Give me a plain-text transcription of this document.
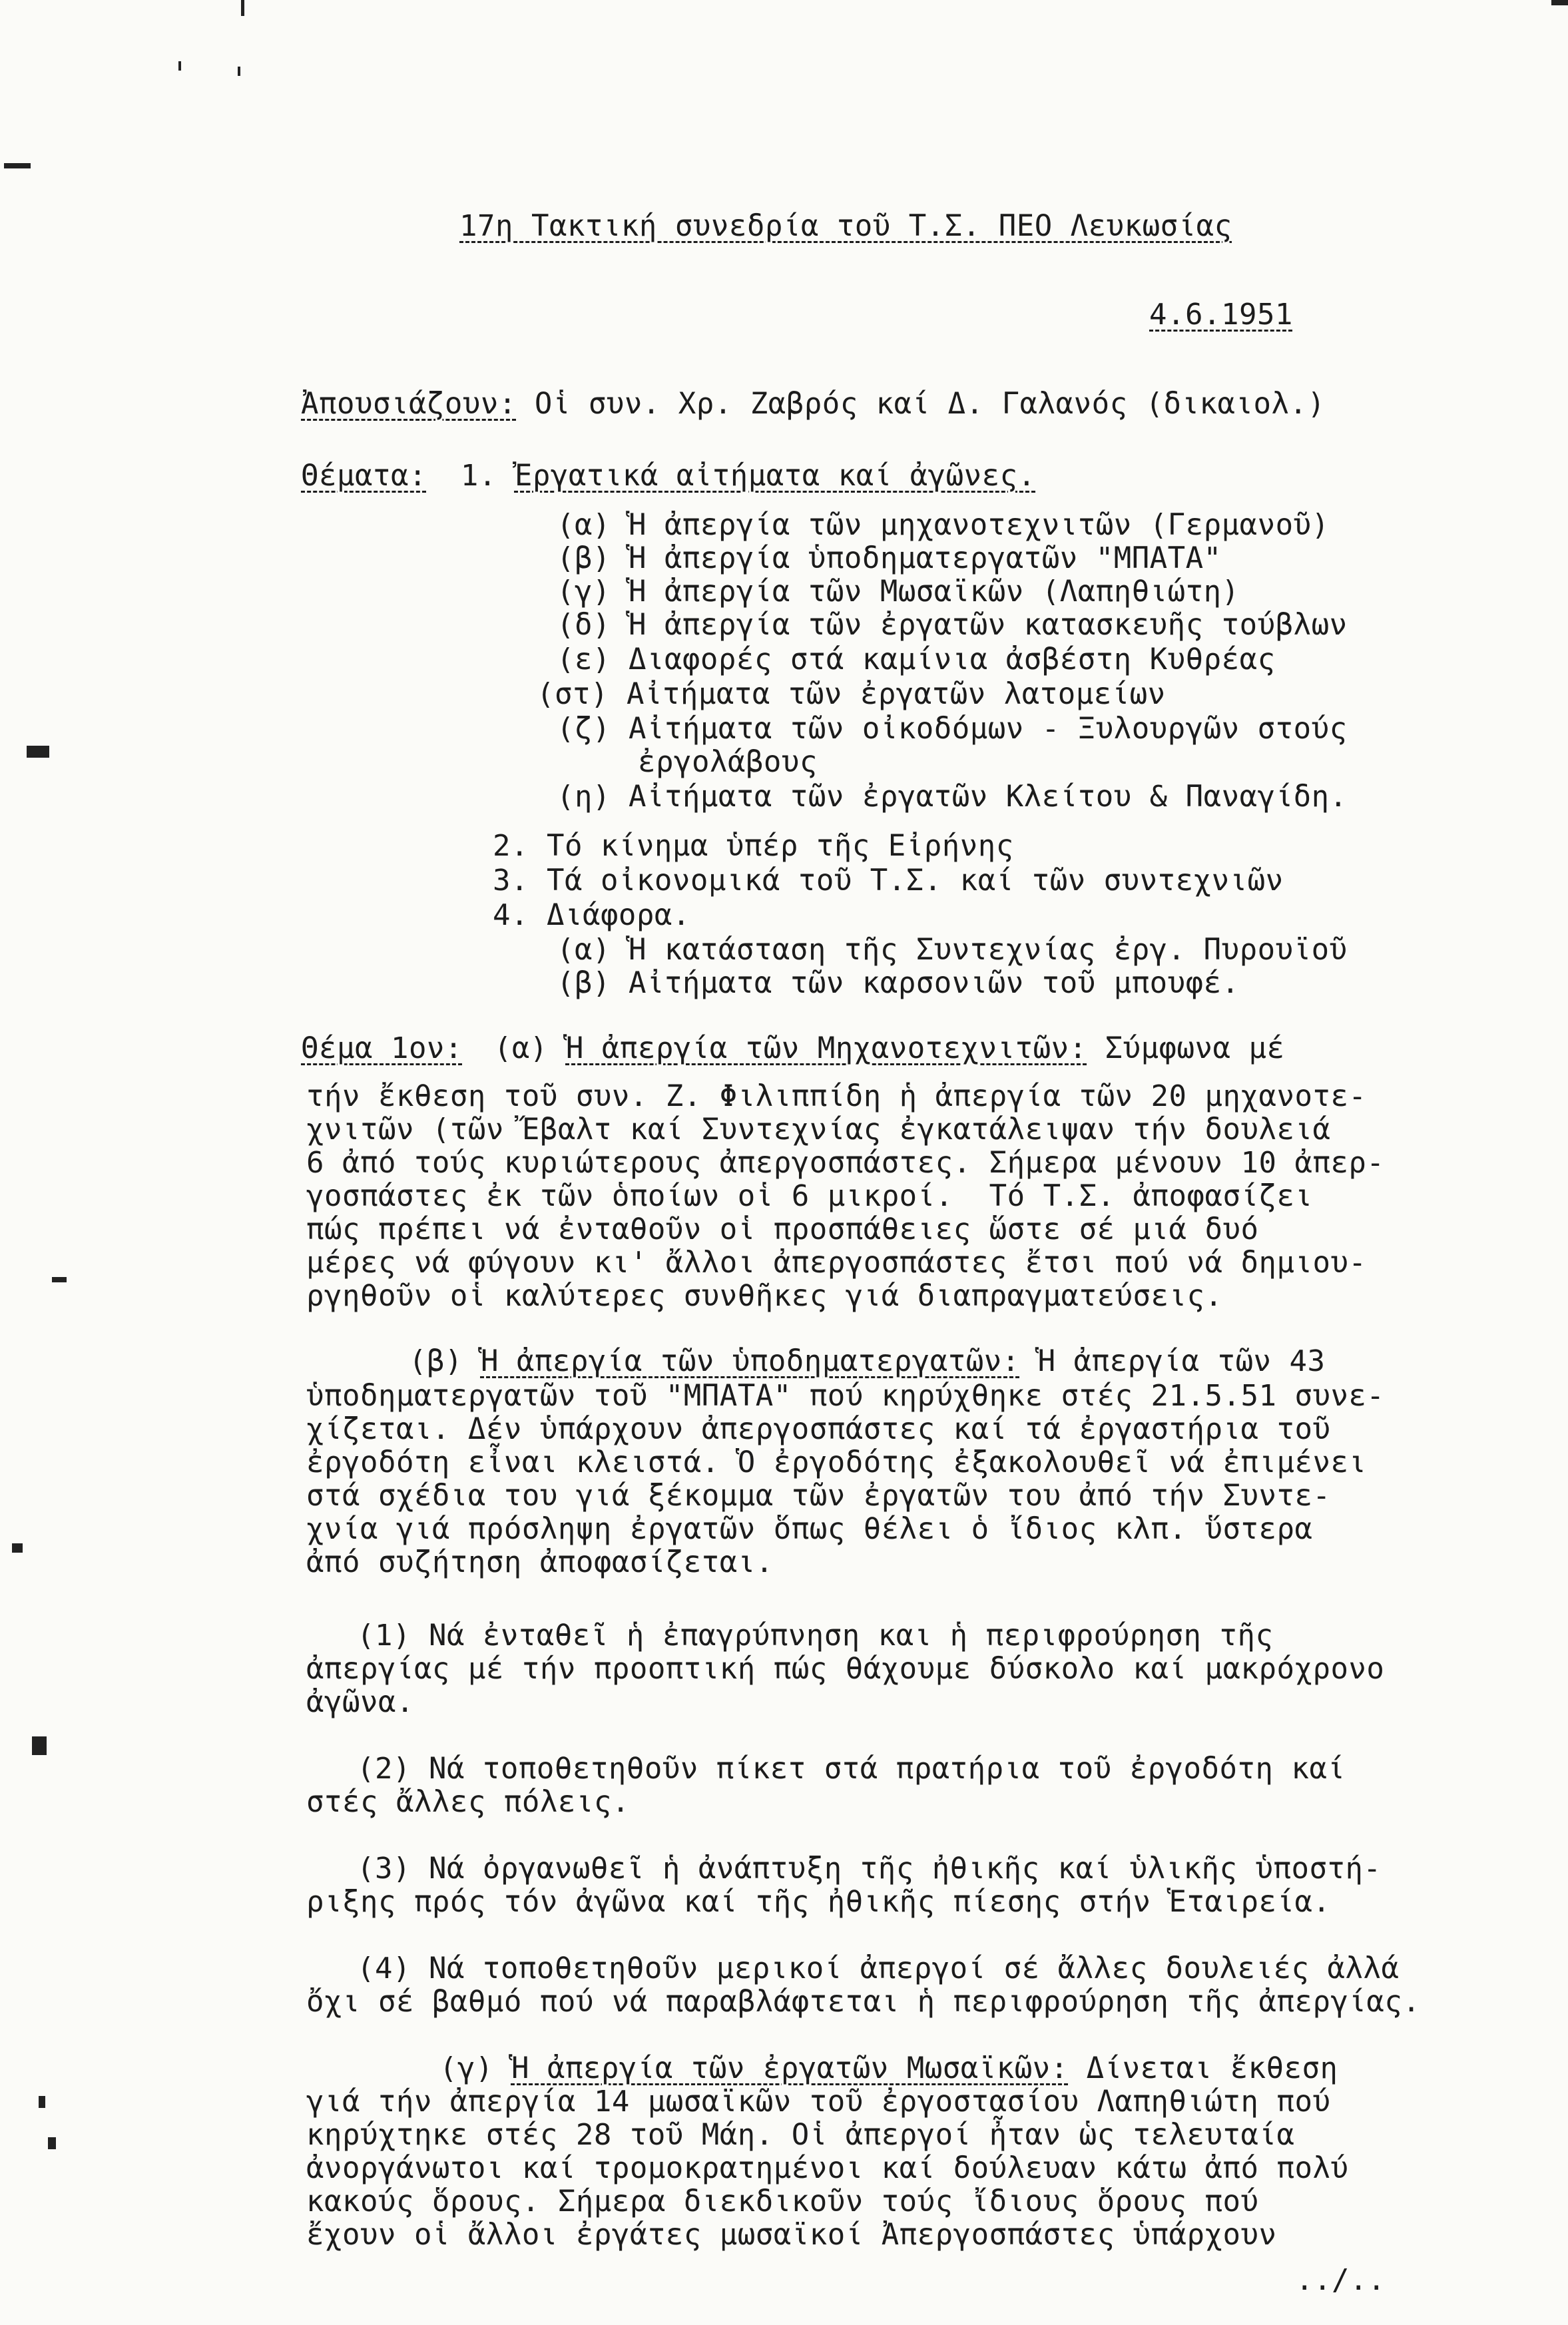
17η Τακτική συνεδρία τοῦ Τ.Σ. ΠΕΟ Λευκωσίας
4.6.1951
Ἀπουσιάζουν: Οἱ συν. Χρ. Ζαβρός καί Δ. Γαλανός (δικαιολ.)
Θέματα: 1. Ἐργατικά αἰτήματα καί ἀγῶνες.
(α) Ἡ ἀπεργία τῶν μηχανοτεχνιτῶν (Γερμανοῦ)
(β) Ἡ ἀπεργία ὑποδηματεργατῶν "ΜΠΑΤΑ"
(γ) Ἡ ἀπεργία τῶν Μωσαϊκῶν (Λαπηθιώτη)
(δ) Ἡ ἀπεργία τῶν ἐργατῶν κατασκευῆς τούβλων
(ε) Διαφορές στά καμίνια ἀσβέστη Κυθρέας
(στ) Αἰτήματα τῶν ἐργατῶν λατομείων
(ζ) Αἰτήματα τῶν οἰκοδόμων - Ξυλουργῶν στούς
ἐργολάβους
(η) Αἰτήματα τῶν ἐργατῶν Κλείτου & Παναγίδη.
2. Τό κίνημα ὑπέρ τῆς Εἰρήνης
3. Τά οἰκονομικά τοῦ Τ.Σ. καί τῶν συντεχνιῶν
4. Διάφορα.
(α) Ἡ κατάσταση τῆς Συντεχνίας ἐργ. Πυρουϊοῦ
(β) Αἰτήματα τῶν καρσονιῶν τοῦ μπουφέ.
Θέμα 1ον: (α) Ἡ ἀπεργία τῶν Μηχανοτεχνιτῶν: Σύμφωνα μέ
τήν ἔκθεση τοῦ συν. Ζ. Φιλιππίδη ἡ ἀπεργία τῶν 20 μηχανοτε-
χνιτῶν (τῶν Ἔβαλτ καί Συντεχνίας ἐγκατάλειψαν τήν δουλειά
6 ἀπό τούς κυριώτερους ἀπεργοσπάστες. Σήμερα μένουν 10 ἀπερ-
γοσπάστες ἐκ τῶν ὁποίων οἱ 6 μικροί.  Τό Τ.Σ. ἀποφασίζει
πώς πρέπει νά ἐνταθοῦν οἱ προσπάθειες ὥστε σέ μιά δυό
μέρες νά φύγουν κι' ἄλλοι ἀπεργοσπάστες ἔτσι πού νά δημιου-
ργηθοῦν οἱ καλύτερες συνθῆκες γιά διαπραγματεύσεις.
(β) Ἡ ἀπεργία τῶν ὑποδηματεργατῶν: Ἡ ἀπεργία τῶν 43
ὑποδηματεργατῶν τοῦ "ΜΠΑΤΑ" πού κηρύχθηκε στές 21.5.51 συνε-
χίζεται. Δέν ὑπάρχουν ἀπεργοσπάστες καί τά ἐργαστήρια τοῦ
ἐργοδότη εἶναι κλειστά. Ὁ ἐργοδότης ἐξακολουθεῖ νά ἐπιμένει
στά σχέδια του γιά ξέκομμα τῶν ἐργατῶν του ἀπό τήν Συντε-
χνία γιά πρόσληψη ἐργατῶν ὅπως θέλει ὁ ἴδιος κλπ. ὕστερα
ἀπό συζήτηση ἀποφασίζεται.
(1) Νά ἐνταθεῖ ἡ ἐπαγρύπνηση και ἡ περιφρούρηση τῆς
ἀπεργίας μέ τήν προοπτική πώς θάχουμε δύσκολο καί μακρόχρονο
ἀγῶνα.
(2) Νά τοποθετηθοῦν πίκετ στά πρατήρια τοῦ ἐργοδότη καί
στές ἄλλες πόλεις.
(3) Νά ὀργανωθεῖ ἡ ἀνάπτυξη τῆς ἠθικῆς καί ὑλικῆς ὑποστή-
ριξης πρός τόν ἀγῶνα καί τῆς ἠθικῆς πίεσης στήν Ἑταιρεία.
(4) Νά τοποθετηθοῦν μερικοί ἀπεργοί σέ ἄλλες δουλειές ἀλλά
ὄχι σέ βαθμό πού νά παραβλάφτεται ἡ περιφρούρηση τῆς ἀπεργίας.
(γ) Ἡ ἀπεργία τῶν ἐργατῶν Μωσαϊκῶν: Δίνεται ἔκθεση
γιά τήν ἀπεργία 14 μωσαϊκῶν τοῦ ἐργοστασίου Λαπηθιώτη πού
κηρύχτηκε στές 28 τοῦ Μάη. Οἱ ἀπεργοί ἦταν ὡς τελευταία
ἀνοργάνωτοι καί τρομοκρατημένοι καί δούλευαν κάτω ἀπό πολύ
κακούς ὅρους. Σήμερα διεκδικοῦν τούς ἴδιους ὅρους πού
ἔχουν οἱ ἄλλοι ἐργάτες μωσαϊκοί Ἀπεργοσπάστες ὑπάρχουν
../..
